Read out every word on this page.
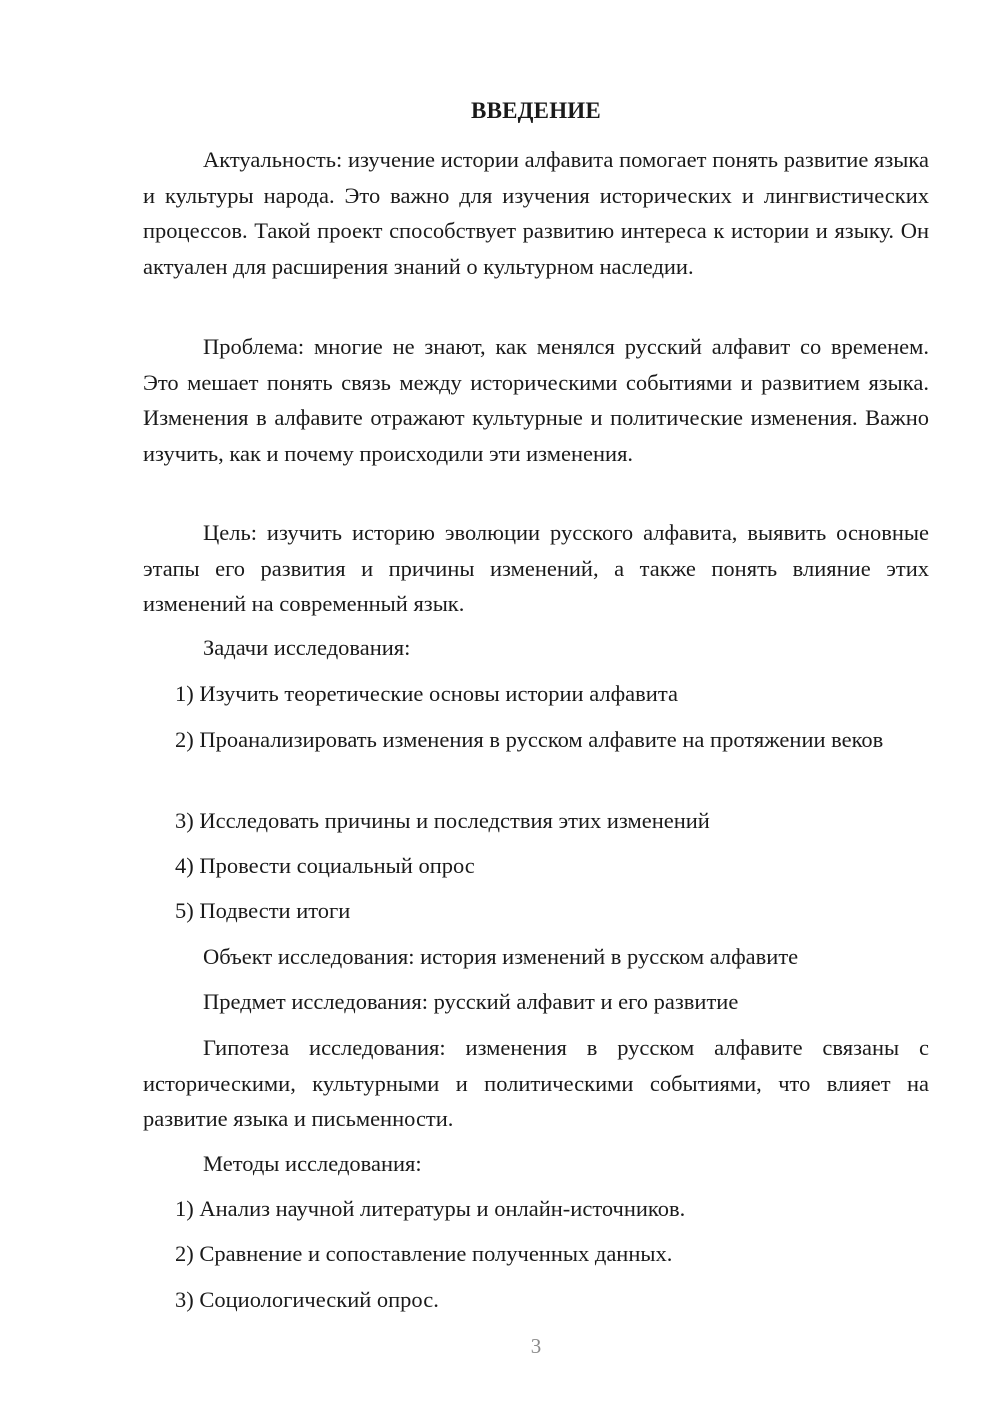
ВВЕДЕНИЕ

Актуальность: изучение истории алфавита помогает понять развитие языка и культуры народа. Это важно для изучения исторических и лингвистических процессов. Такой проект способствует развитию интереса к истории и языку. Он актуален для расширения знаний о культурном наследии.

Проблема: многие не знают, как менялся русский алфавит со временем. Это мешает понять связь между историческими событиями и развитием языка. Изменения в алфавите отражают культурные и политические изменения. Важно изучить, как и почему происходили эти изменения.

Цель: изучить историю эволюции русского алфавита, выявить основные этапы его развития и причины изменений, а также понять влияние этих изменений на современный язык.

Задачи исследования:

1) Изучить теоретические основы истории алфавита

2) Проанализировать изменения в русском алфавите на протяжении веков

3) Исследовать причины и последствия этих изменений

4) Провести социальный опрос

5) Подвести итоги

Объект исследования: история изменений в русском алфавите

Предмет исследования: русский алфавит и его развитие

Гипотеза исследования: изменения в русском алфавите связаны с историческими, культурными и политическими событиями, что влияет на развитие языка и письменности.

Методы исследования:

1) Анализ научной литературы и онлайн-источников.

2) Сравнение и сопоставление полученных данных.

3) Социологический опрос.

3
